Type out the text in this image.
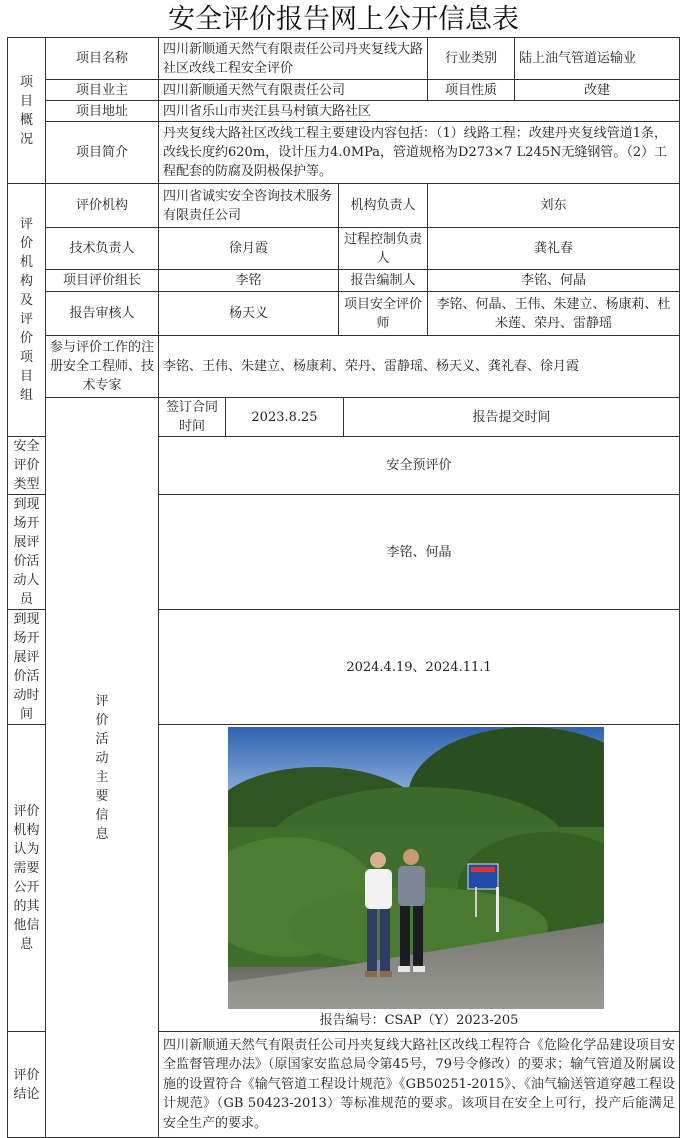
安全评价报告网上公开信息表
项目概况	项目名称	四川新顺通天然气有限责任公司丹夹复线大路社区改线工程安全评价				行业类别	陆上油气管道运输业	
	项目业主	四川新顺通天然气有限责任公司				项目性质	改建	
	项目地址	四川省乐山市夹江县马村镇大路社区						
	项目简介	丹夹复线大路社区改线工程主要建设内容包括：（1）线路工程：改建丹夹复线管道1条，改线长度约620m，设计压力4.0MPa，管道规格为D273×7 L245N无缝钢管。（2）工程配套的防腐及阴极保护等。						
评价机构及评价项目组	评价机构	四川省诚实安全咨询技术服务有限责任公司		机构负责人		刘东		
	技术负责人	徐月霞		过程控制负责人		龚礼春		
	项目评价组长	李铭		报告编制人		李铭、何晶		
	报告审核人	杨天义		项目安全评价师		李铭、何晶、王伟、朱建立、杨康莉、杜米莲、荣丹、雷静瑶		
	参与评价工作的注册安全工程师、技术专家	李铭、王伟、朱建立、杨康莉、荣丹、雷静瑶、杨天义、龚礼春、徐月霞						
	评价活动主要信息	签订合同时间	2023.8.25		报告提交时间	
安全评价类型		安全预评价						
到现场开展评价活动人员		李铭、何晶						
到现场开展评价活动时间		2024.4.19、2024.11.1						
评价机构认为需要公开的其他信息		报告编号：CSAP（Y）2023-205						

评价结论		四川新顺通天然气有限责任公司丹夹复线大路社区改线工程符合《危险化学品建设项目安全监督管理办法》（原国家安监总局令第45号，79号令修改）的要求；输气管道及附属设施的设置符合《输气管道工程设计规范》《GB50251-2015》、《油气输送管道穿越工程设计规范》（GB 50423-2013）等标准规范的要求。该项目在安全上可行，投产后能满足安全生产的要求。						
